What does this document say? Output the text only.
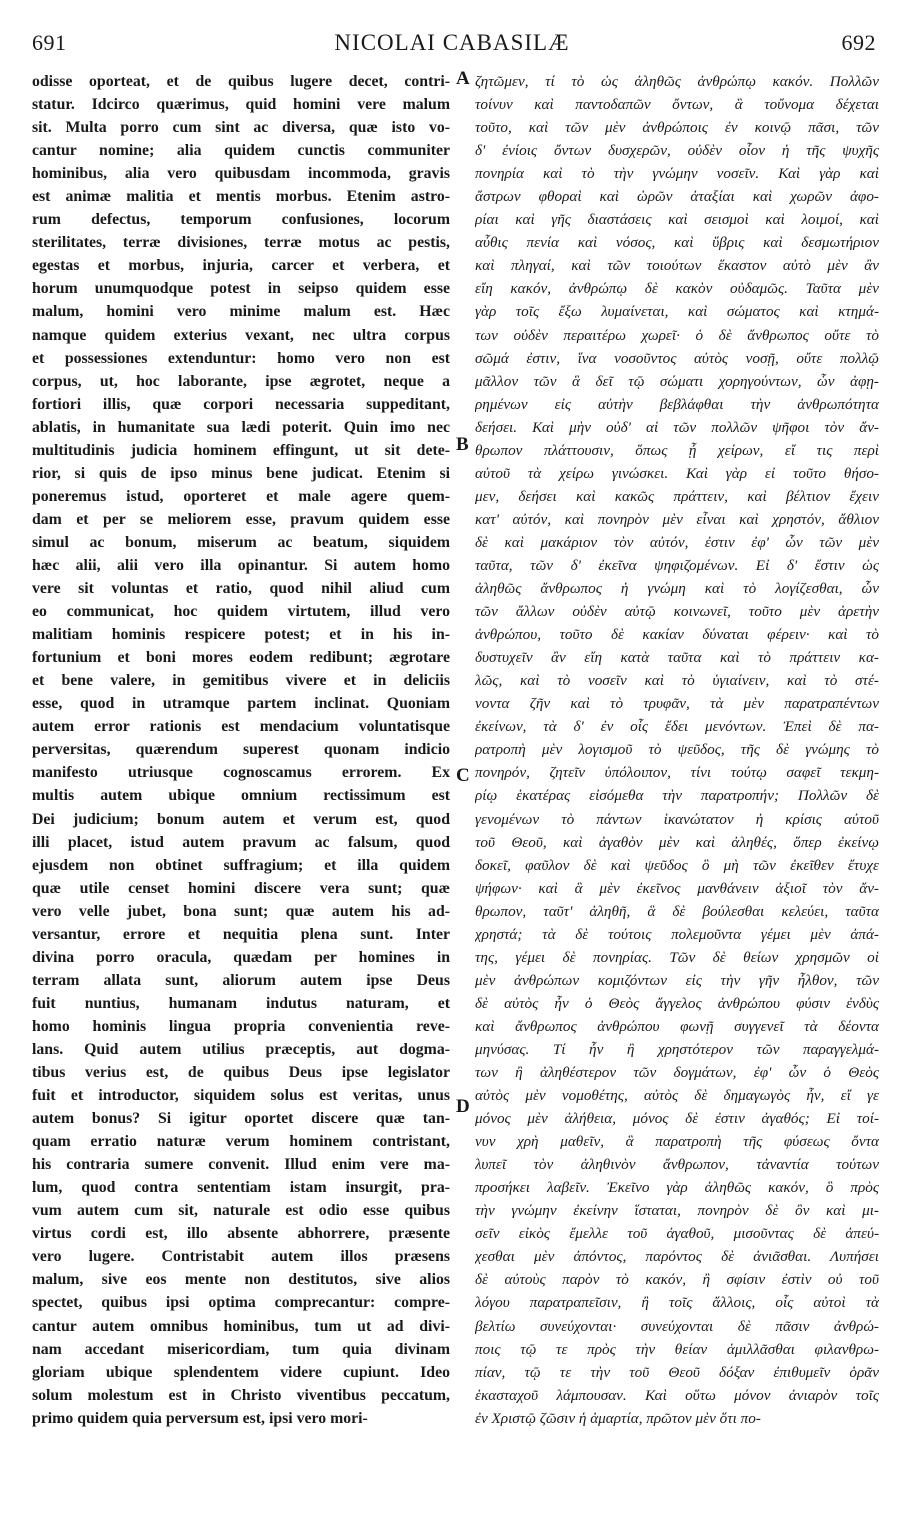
691	NICOLAI CABASILÆ	692
odisse oporteat, et de quibus lugere decet, contri-
statur. Idcirco quærimus, quid homini vere malum
sit. Multa porro cum sint ac diversa, quæ isto vo-
cantur nomine; alia quidem cunctis communiter
hominibus, alia vero quibusdam incommoda, gravis
est animæ malitia et mentis morbus. Etenim astro-
rum defectus, temporum confusiones, locorum
sterilitates, terræ divisiones, terræ motus ac pestis,
egestas et morbus, injuria, carcer et verbera, et
horum unumquodque potest in seipso quidem esse
malum, homini vero minime malum est. Hæc
namque quidem exterius vexant, nec ultra corpus
et possessiones extenduntur: homo vero non est
corpus, ut, hoc laborante, ipse ægrotet, neque a
fortiori illis, quæ corpori necessaria suppeditant,
ablatis, in humanitate sua lædi poterit. Quin imo nec
multitudinis judicia hominem effingunt, ut sit dete-
rior, si quis de ipso minus bene judicat. Etenim si
poneremus istud, oporteret et male agere quem-
dam et per se meliorem esse, pravum quidem esse
simul ac bonum, miserum ac beatum, siquidem
hæc alii, alii vero illa opinantur. Si autem homo
vere sit voluntas et ratio, quod nihil aliud cum
eo communicat, hoc quidem virtutem, illud vero
malitiam hominis respicere potest; et in his in-
fortunium et boni mores eodem redibunt; ægrotare
et bene valere, in gemitibus vivere et in deliciis
esse, quod in utramque partem inclinat. Quoniam
autem error rationis est mendacium voluntatisque
perversitas, quærendum superest quonam indicio
manifesto utriusque cognoscamus errorem. Ex
multis autem ubique omnium rectissimum est
Dei judicium; bonum autem et verum est, quod
illi placet, istud autem pravum ac falsum, quod
ejusdem non obtinet suffragium; et illa quidem
quæ utile censet homini discere vera sunt; quæ
vero velle jubet, bona sunt; quæ autem his ad-
versantur, errore et nequitia plena sunt. Inter
divina porro oracula, quædam per homines in
terram allata sunt, aliorum autem ipse Deus
fuit nuntius, humanam indutus naturam, et
homo hominis lingua propria convenientia reve-
lans. Quid autem utilius præceptis, aut dogma-
tibus verius est, de quibus Deus ipse legislator
fuit et introductor, siquidem solus est veritas, unus
autem bonus? Si igitur oportet discere quæ tan-
quam erratio naturæ verum hominem contristant,
his contraria sumere convenit. Illud enim vere ma-
lum, quod contra sententiam istam insurgit, pra-
vum autem cum sit, naturale est odio esse quibus
virtus cordi est, illo absente abhorrere, præsente
vero lugere. Contristabit autem illos præsens
malum, sive eos mente non destitutos, sive alios
spectet, quibus ipsi optima comprecantur: compre-
cantur autem omnibus hominibus, tum ut ad divi-
nam accedant misericordiam, tum quia divinam
gloriam ubique splendentem videre cupiunt. Ideo
solum molestum est in Christo viventibus peccatum,
primo quidem quia perversum est, ipsi vero mori-
ζητῶμεν, τί τὸ ὡς ἀληθῶς ἀνθρώπῳ κακόν. Πολλῶν
τοίνυν καὶ παντοδαπῶν ὄντων, ἃ τοὔνομα δέχεται
τοῦτο, καὶ τῶν μὲν ἀνθρώποις ἐν κοινῷ πᾶσι, τῶν
δ' ἐνίοις ὄντων δυσχερῶν, οὐδὲν οἷον ἡ τῆς ψυχῆς
πονηρία καὶ τὸ τὴν γνώμην νοσεῖν. Καὶ γὰρ καὶ
ἄστρων φθοραὶ καὶ ὡρῶν ἀταξίαι καὶ χωρῶν ἀφο-
ρίαι καὶ γῆς διαστάσεις καὶ σεισμοὶ καὶ λοιμοί, καὶ
αὖθις πενία καὶ νόσος, καὶ ὕβρις καὶ δεσμωτήριον
καὶ πληγαί, καὶ τῶν τοιούτων ἕκαστον αὐτὸ μὲν ἂν
εἴη κακόν, ἀνθρώπῳ δὲ κακὸν οὐδαμῶς. Ταῦτα μὲν
γὰρ τοῖς ἔξω λυμαίνεται, καὶ σώματος καὶ κτημά-
των οὐδὲν περαιτέρω χωρεῖ· ὁ δὲ ἄνθρωπος οὔτε τὸ
σῶμά ἐστιν, ἵνα νοσοῦντος αὐτὸς νοσῇ, οὔτε πολλῷ
μᾶλλον τῶν ἃ δεῖ τῷ σώματι χορηγούντων, ὧν ἀφῃ-
ρημένων εἰς αὐτὴν βεβλάφθαι τὴν ἀνθρωπότητα
δεήσει. Καὶ μὴν οὐδ' αἱ τῶν πολλῶν ψῆφοι τὸν ἄν-
θρωπον πλάττουσιν, ὅπως ᾖ χείρων, εἴ τις περὶ
αὐτοῦ τὰ χείρω γινώσκει. Καὶ γὰρ εἰ τοῦτο θήσο-
μεν, δεήσει καὶ κακῶς πράττειν, καὶ βέλτιον ἔχειν
κατ' αὐτόν, καὶ πονηρὸν μὲν εἶναι καὶ χρηστόν, ἄθλιον
δὲ καὶ μακάριον τὸν αὐτόν, ἐστιν ἐφ' ὧν τῶν μὲν
ταῦτα, τῶν δ' ἐκεῖνα ψηφιζομένων. Εἰ δ' ἔστιν ὡς
ἀληθῶς ἄνθρωπος ἡ γνώμη καὶ τὸ λογίζεσθαι, ὧν
τῶν ἄλλων οὐδὲν αὐτῷ κοινωνεῖ, τοῦτο μὲν ἀρετὴν
ἀνθρώπου, τοῦτο δὲ κακίαν δύναται φέρειν· καὶ τὸ
δυστυχεῖν ἂν εἴη κατὰ ταῦτα καὶ τὸ πράττειν κα-
λῶς, καὶ τὸ νοσεῖν καὶ τὸ ὑγιαίνειν, καὶ τὸ στέ-
νοντα ζῆν καὶ τὸ τρυφᾶν, τὰ μὲν παρατραπέντων
ἐκείνων, τὰ δ' ἐν οἷς ἔδει μενόντων. Ἐπεὶ δὲ πα-
ρατροπὴ μὲν λογισμοῦ τὸ ψεῦδος, τῆς δὲ γνώμης τὸ
πονηρόν, ζητεῖν ὑπόλοιπον, τίνι τούτῳ σαφεῖ τεκμη-
ρίῳ ἑκατέρας εἰσόμεθα τὴν παρατροπήν; Πολλῶν δὲ
γενομένων τὸ πάντων ἱκανώτατον ἡ κρίσις αὐτοῦ
τοῦ Θεοῦ, καὶ ἀγαθὸν μὲν καὶ ἀληθές, ὅπερ ἐκείνῳ
δοκεῖ, φαῦλον δὲ καὶ ψεῦδος ὃ μὴ τῶν ἐκεῖθεν ἔτυχε
ψήφων· καὶ ἃ μὲν ἐκεῖνος μανθάνειν ἀξιοῖ τὸν ἄν-
θρωπον, ταῦτ' ἀληθῆ, ἃ δὲ βούλεσθαι κελεύει, ταῦτα
χρηστά; τὰ δὲ τούτοις πολεμοῦντα γέμει μὲν ἀπά-
της, γέμει δὲ πονηρίας. Τῶν δὲ θείων χρησμῶν οἱ
μὲν ἀνθρώπων κομιζόντων εἰς τὴν γῆν ἦλθον, τῶν
δὲ αὐτὸς ἦν ὁ Θεὸς ἄγγελος ἀνθρώπου φύσιν ἐνδὺς
καὶ ἄνθρωπος ἀνθρώπου φωνῇ συγγενεῖ τὰ δέοντα
μηνύσας. Τί ἦν ἢ χρηστότερον τῶν παραγγελμά-
των ἢ ἀληθέστερον τῶν δογμάτων, ἐφ' ὧν ὁ Θεὸς
αὐτὸς μὲν νομοθέτης, αὐτὸς δὲ δημαγωγὸς ἦν, εἴ γε
μόνος μὲν ἀλήθεια, μόνος δὲ ἐστιν ἀγαθός; Εἰ τοί-
νυν χρὴ μαθεῖν, ἃ παρατροπὴ τῆς φύσεως ὄντα
λυπεῖ τὸν ἀληθινὸν ἄνθρωπον, τἀναντία τούτων
προσήκει λαβεῖν. Ἐκεῖνο γὰρ ἀληθῶς κακόν, ὃ πρὸς
τὴν γνώμην ἐκείνην ἵσταται, πονηρὸν δὲ ὂν καὶ μι-
σεῖν εἰκὸς ἔμελλε τοῦ ἀγαθοῦ, μισοῦντας δὲ ἀπεύ-
χεσθαι μὲν ἀπόντος, παρόντος δὲ ἀνιᾶσθαι. Λυπήσει
δὲ αὐτοὺς παρὸν τὸ κακόν, ἢ σφίσιν ἐστὶν οὐ τοῦ
λόγου παρατραπεῖσιν, ἢ τοῖς ἄλλοις, οἷς αὐτοὶ τὰ
βελτίω συνεύχονται· συνεύχονται δὲ πᾶσιν ἀνθρώ-
ποις τῷ τε πρὸς τὴν θείαν ἁμιλλᾶσθαι φιλανθρω-
πίαν, τῷ τε τὴν τοῦ Θεοῦ δόξαν ἐπιθυμεῖν ὁρᾶν
ἑκασταχοῦ λάμπουσαν. Καὶ οὕτω μόνον ἀνιαρὸν τοῖς
ἐν Χριστῷ ζῶσιν ἡ ἁμαρτία, πρῶτον μὲν ὅτι πο-
A
B
C
D
